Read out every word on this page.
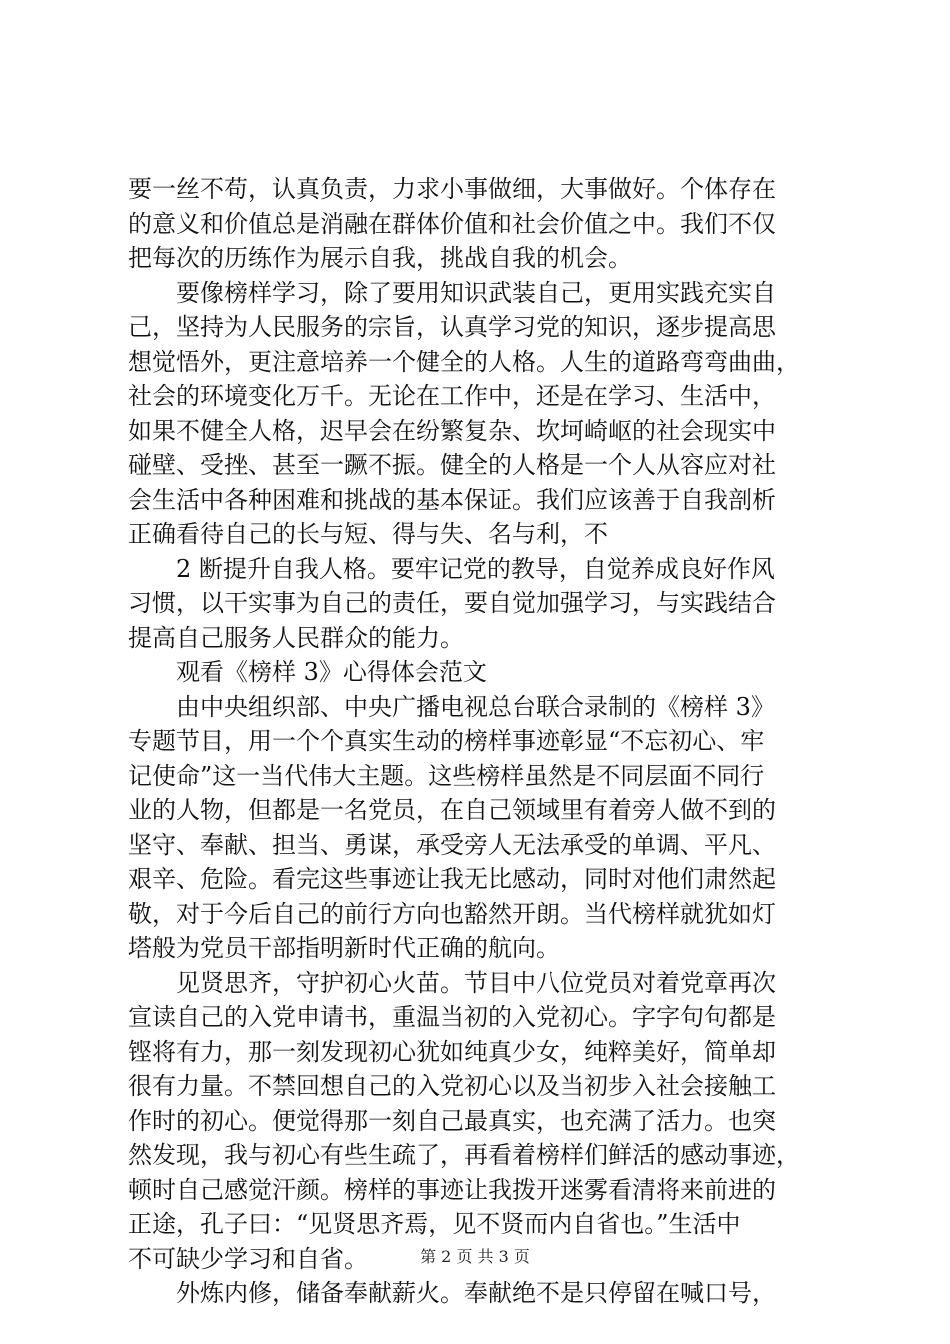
要一丝不苟，认真负责，力求小事做细，大事做好。个体存在
的意义和价值总是消融在群体价值和社会价值之中。我们不仅
把每次的历练作为展示自我，挑战自我的机会。
　　要像榜样学习，除了要用知识武装自己，更用实践充实自
己，坚持为人民服务的宗旨，认真学习党的知识，逐步提高思
想觉悟外，更注意培养一个健全的人格。人生的道路弯弯曲曲，
社会的环境变化万千。无论在工作中，还是在学习、生活中，
如果不健全人格，迟早会在纷繁复杂、坎坷崎岖的社会现实中
碰壁、受挫、甚至一蹶不振。健全的人格是一个人从容应对社
会生活中各种困难和挑战的基本保证。我们应该善于自我剖析
正确看待自己的长与短、得与失、名与利，不
　　2 断提升自我人格。要牢记党的教导，自觉养成良好作风
习惯，以干实事为自己的责任，要自觉加强学习，与实践结合
提高自己服务人民群众的能力。
　　观看《榜样 3》心得体会范文
　　由中央组织部、中央广播电视总台联合录制的《榜样 3》
专题节目，用一个个真实生动的榜样事迹彰显“不忘初心、牢
记使命”这一当代伟大主题。这些榜样虽然是不同层面不同行
业的人物，但都是一名党员，在自己领域里有着旁人做不到的
坚守、奉献、担当、勇谋，承受旁人无法承受的单调、平凡、
艰辛、危险。看完这些事迹让我无比感动，同时对他们肃然起
敬，对于今后自己的前行方向也豁然开朗。当代榜样就犹如灯
塔般为党员干部指明新时代正确的航向。
　　见贤思齐，守护初心火苗。节目中八位党员对着党章再次
宣读自己的入党申请书，重温当初的入党初心。字字句句都是
铿将有力，那一刻发现初心犹如纯真少女，纯粹美好，简单却
很有力量。不禁回想自己的入党初心以及当初步入社会接触工
作时的初心。便觉得那一刻自己最真实，也充满了活力。也突
然发现，我与初心有些生疏了，再看着榜样们鲜活的感动事迹，
顿时自己感觉汗颜。榜样的事迹让我拨开迷雾看清将来前进的
正途，孔子曰：“见贤思齐焉，见不贤而内自省也。”生活中
不可缺少学习和自省。
　　外炼内修，储备奉献薪火。奉献绝不是只停留在喊口号，
第 2 页 共 3 页
